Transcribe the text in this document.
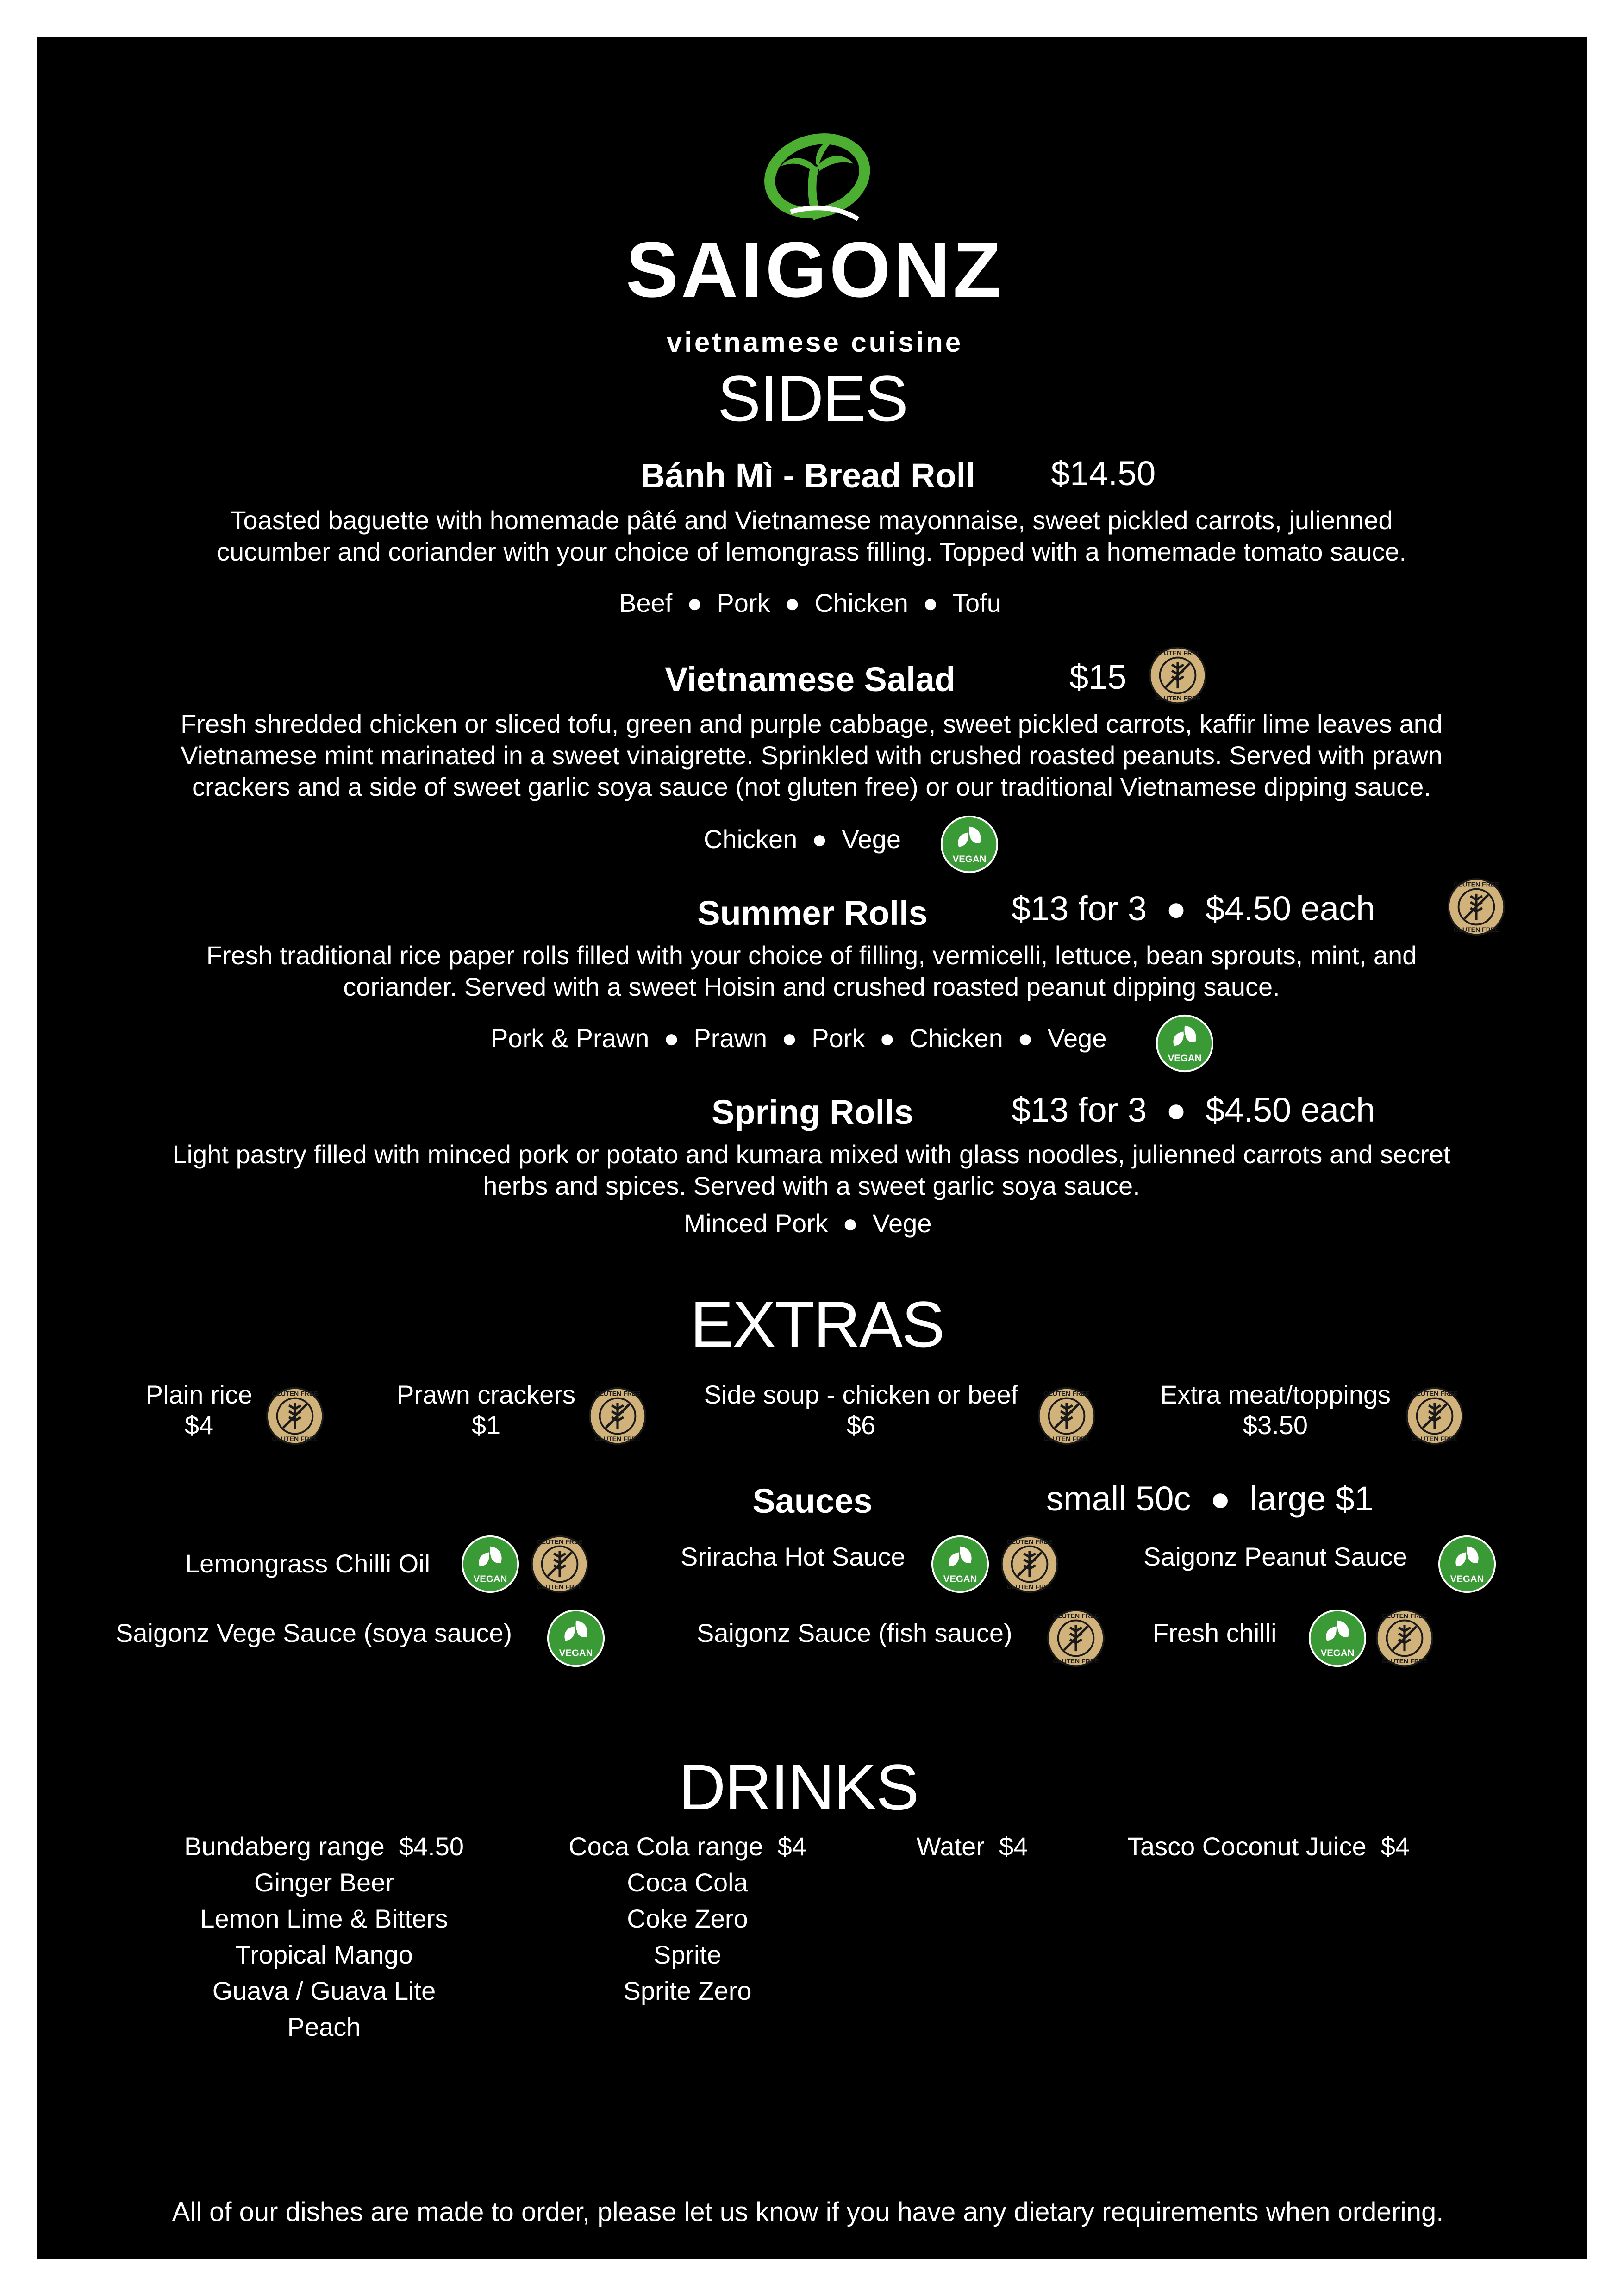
SAIGONZ
vietnamese cuisine
SIDES
Bánh Mì - Bread Roll $14.50
Toasted baguette with homemade pâté and Vietnamese mayonnaise, sweet pickled carrots, julienned
cucumber and coriander with your choice of lemongrass filling. Topped with a homemade tomato sauce.
Beef  ●  Pork  ●  Chicken  ●  Tofu
Vietnamese Salad	$15
Fresh shredded chicken or sliced tofu, green and purple cabbage, sweet pickled carrots, kaffir lime leaves and
Vietnamese mint marinated in a sweet vinaigrette. Sprinkled with crushed roasted peanuts. Served with prawn
crackers and a side of sweet garlic soya sauce (not gluten free) or our traditional Vietnamese dipping sauce.
Chicken  ●  Vege
Summer Rolls $13 for 3  ●  $4.50 each
Fresh traditional rice paper rolls filled with your choice of filling, vermicelli, lettuce, bean sprouts, mint, and
coriander. Served with a sweet Hoisin and crushed roasted peanut dipping sauce.
Pork & Prawn  ●  Prawn  ●  Pork  ●  Chicken  ●  Vege
Spring Rolls	$13 for 3  ●  $4.50 each
Light pastry filled with minced pork or potato and kumara mixed with glass noodles, julienned carrots and secret
herbs and spices. Served with a sweet garlic soya sauce.
Minced Pork  ●  Vege
EXTRAS
Plain rice
$4
Prawn crackers
$1
Side soup - chicken or beef
$6
Extra meat/toppings
$3.50
Sauces	small 50c  ●  large $1
Lemongrass Chilli Oil	Sriracha Hot Sauce	Saigonz Peanut Sauce
Saigonz Vege Sauce (soya sauce)	Saigonz Sauce (fish sauce)	Fresh chilli
DRINKS
Bundaberg range  $4.50
Ginger Beer
Lemon Lime & Bitters
Tropical Mango
Guava / Guava Lite
Peach
Coca Cola range  $4
Coca Cola
Coke Zero
Sprite
Sprite Zero
Water  $4	Tasco Coconut Juice  $4
All of our dishes are made to order, please let us know if you have any dietary requirements when ordering.
